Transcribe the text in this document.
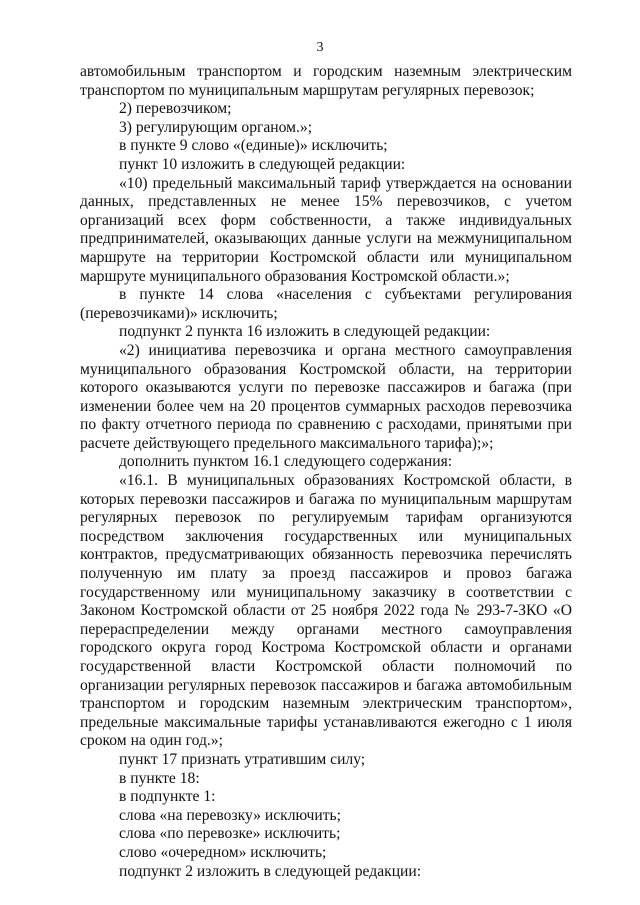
3

автомобильным транспортом и городским наземным электрическим транспортом по муниципальным маршрутам регулярных перевозок;

2) перевозчиком;

3) регулирующим органом.»;

в пункте 9 слово «(единые)» исключить;

пункт 10 изложить в следующей редакции:

«10) предельный максимальный тариф утверждается на основании данных, представленных не менее 15% перевозчиков, с учетом организаций всех форм собственности, а также индивидуальных предпринимателей, оказывающих данные услуги на межмуниципальном маршруте на территории Костромской области или муниципальном маршруте муниципального образования Костромской области.»;

в пункте 14 слова «населения с субъектами регулирования (перевозчиками)» исключить;

подпункт 2 пункта 16 изложить в следующей редакции:

«2) инициатива перевозчика и органа местного самоуправления муниципального образования Костромской области, на территории которого оказываются услуги по перевозке пассажиров и багажа (при изменении более чем на 20 процентов суммарных расходов перевозчика по факту отчетного периода по сравнению с расходами, принятыми при расчете действующего предельного максимального тарифа);»;

дополнить пунктом 16.1 следующего содержания:

«16.1. В муниципальных образованиях Костромской области, в которых перевозки пассажиров и багажа по муниципальным маршрутам регулярных перевозок по регулируемым тарифам организуются посредством заключения государственных или муниципальных контрактов, предусматривающих обязанность перевозчика перечислять полученную им плату за проезд пассажиров и провоз багажа государственному или муниципальному заказчику в соответствии с Законом Костромской области от 25 ноября 2022 года № 293-7-ЗКО «О перераспределении между органами местного самоуправления городского округа город Кострома Костромской области и органами государственной власти Костромской области полномочий по организации регулярных перевозок пассажиров и багажа автомобильным транспортом и городским наземным электрическим транспортом», предельные максимальные тарифы устанавливаются ежегодно с 1 июля сроком на один год.»;

пункт 17 признать утратившим силу;

в пункте 18:

в подпункте 1:

слова «на перевозку» исключить;

слова «по перевозке» исключить;

слово «очередном» исключить;

подпункт 2 изложить в следующей редакции:
